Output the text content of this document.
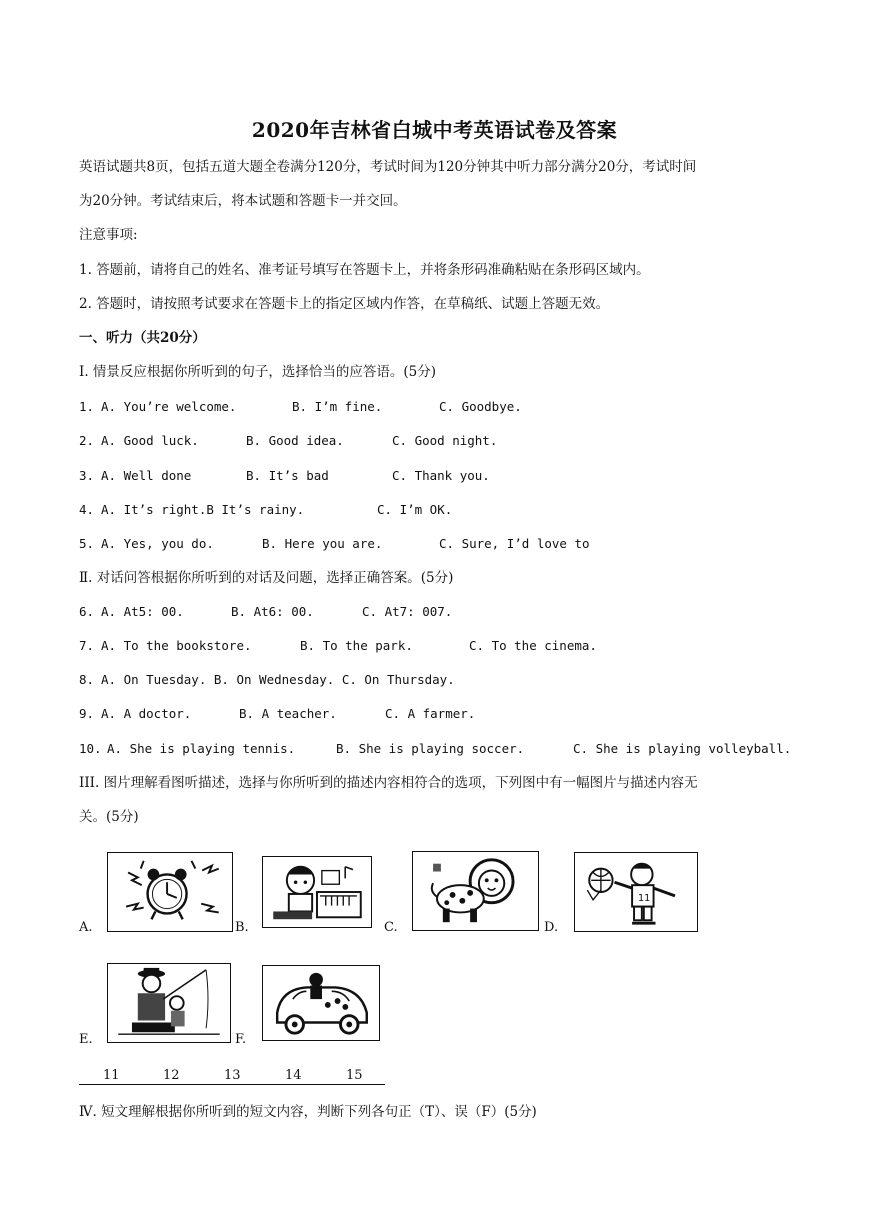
2020年吉林省白城中考英语试卷及答案
英语试题共8页，包括五道大题全卷满分120分，考试时间为120分钟其中听力部分满分20分，考试时间
为20分钟。考试结束后，将本试题和答题卡一并交回。
注意事项:
1. 答题前，请将自己的姓名、准考证号填写在答题卡上，并将条形码准确粘贴在条形码区域内。
2. 答题时，请按照考试要求在答题卡上的指定区域内作答，在草稿纸、试题上答题无效。
一、听力（共20分）
Ⅰ. 情景反应根据你所听到的句子，选择恰当的应答语。(5分)
1. A. You’re welcome.	B. I’m fine.	C. Goodbye.
2. A. Good luck.	B. Good idea.	C. Good night.
3. A. Well done	B. It’s bad	C. Thank you.
4. A. It’s right.B It’s rainy.	C. I’m OK.
5. A. Yes, you do.	B. Here you are.	C. Sure, I’d love to
Ⅱ. 对话问答根据你所听到的对话及问题，选择正确答案。(5分)
6. A. At5: 00.	B. At6: 00.	C. At7: 007.
7. A. To the bookstore.	B. To the park.	C. To the cinema.
8. A. On Tuesday. B. On Wednesday. C. On Thursday.
9. A. A doctor.	B. A teacher.	C. A farmer.
10. A. She is playing tennis.	B. She is playing soccer.	C. She is playing volleyball.
III. 图片理解看图听描述，选择与你所听到的描述内容相符合的选项，下列图中有一幅图片与描述内容无
关。(5分)
A.	B.	C.	D.
11
E.	F.
11	12	13	14	15
Ⅳ. 短文理解根据你所听到的短文内容，判断下列各句正（T）、误（F）(5分)
